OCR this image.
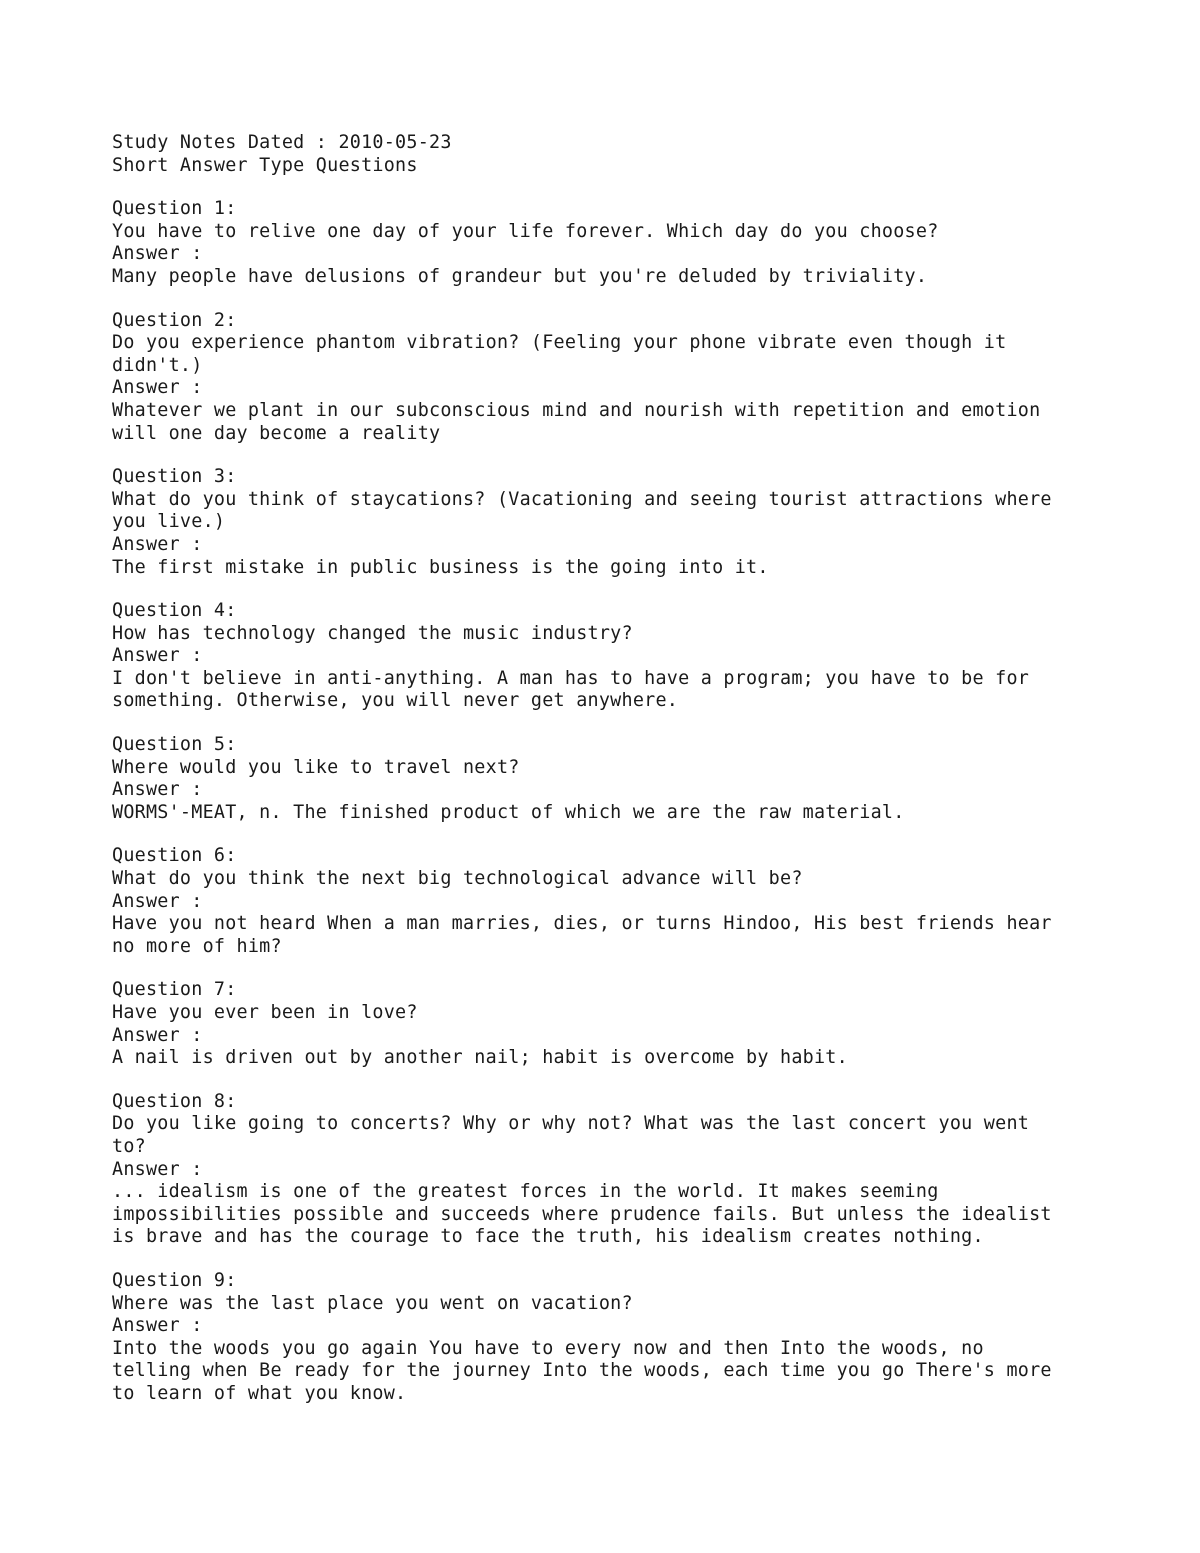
Study Notes Dated : 2010-05-23
Short Answer Type Questions
Question 1:
You have to relive one day of your life forever. Which day do you choose?
Answer :
Many people have delusions of grandeur but you're deluded by triviality.
Question 2:
Do you experience phantom vibration? (Feeling your phone vibrate even though it
didn't.)
Answer :
Whatever we plant in our subconscious mind and nourish with repetition and emotion
will one day become a reality
Question 3:
What do you think of staycations? (Vacationing and seeing tourist attractions where
you live.)
Answer :
The first mistake in public business is the going into it.
Question 4:
How has technology changed the music industry?
Answer :
I don't believe in anti-anything. A man has to have a program; you have to be for
something. Otherwise, you will never get anywhere.
Question 5:
Where would you like to travel next?
Answer :
WORMS'-MEAT, n. The finished product of which we are the raw material.
Question 6:
What do you think the next big technological advance will be?
Answer :
Have you not heard When a man marries, dies, or turns Hindoo, His best friends hear
no more of him?
Question 7:
Have you ever been in love?
Answer :
A nail is driven out by another nail; habit is overcome by habit.
Question 8:
Do you like going to concerts? Why or why not? What was the last concert you went
to?
Answer :
... idealism is one of the greatest forces in the world. It makes seeming
impossibilities possible and succeeds where prudence fails. But unless the idealist
is brave and has the courage to face the truth, his idealism creates nothing.
Question 9:
Where was the last place you went on vacation?
Answer :
Into the woods you go again You have to every now and then Into the woods, no
telling when Be ready for the journey Into the woods, each time you go There's more
to learn of what you know.
